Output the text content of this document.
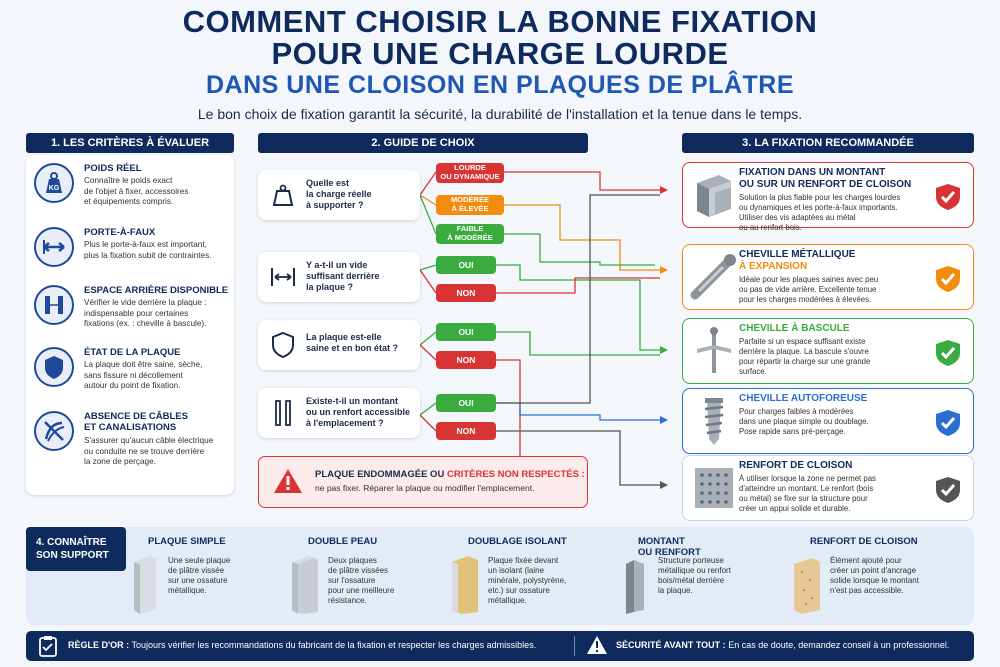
COMMENT CHOISIR LA BONNE FIXATION
POUR UNE CHARGE LOURDE
DANS UNE CLOISON EN PLAQUES DE PLÂTRE
Le bon choix de fixation garantit la sécurité, la durabilité de l'installation et la tenue dans le temps.
1. LES CRITÈRES À ÉVALUER	2. GUIDE DE CHOIX	3. LA FIXATION RECOMMANDÉE
KG
POIDS RÉEL
Connaître le poids exact
de l'objet à fixer, accessoires
et équipements compris.
PORTE-À-FAUX
Plus le porte-à-faux est important,
plus la fixation subit de contraintes.
ESPACE ARRIÈRE DISPONIBLE
Vérifier le vide derrière la plaque :
indispensable pour certaines
fixations (ex. : cheville à bascule).
ÉTAT DE LA PLAQUE
La plaque doit être saine, sèche,
sans fissure ni décollement
autour du point de fixation.
ABSENCE DE CÂBLES
ET CANALISATIONS
S'assurer qu'aucun câble électrique
ou conduite ne se trouve derrière
la zone de perçage.
Quelle est
la charge réelle
à supporter ?
LOURDE
OU DYNAMIQUE
MODÉRÉE
À ÉLEVÉE
FAIBLE
À MODÉRÉE
Y a-t-il un vide
suffisant derrière
la plaque ?
OUI
NON
La plaque est-elle
saine et en bon état ?
OUI
NON
Existe-t-il un montant
ou un renfort accessible
à l'emplacement ?
OUI
NON
PLAQUE ENDOMMAGÉE OU CRITÈRES NON RESPECTÉS :
ne pas fixer. Réparer la plaque ou modifier l'emplacement.
FIXATION DANS UN MONTANT
OU SUR UN RENFORT DE CLOISON
Solution la plus fiable pour les charges lourdes
ou dynamiques et les porte-à-faux importants.
Utiliser des vis adaptées au métal
ou au renfort bois.
CHEVILLE MÉTALLIQUE
À EXPANSION
Idéale pour les plaques saines avec peu
ou pas de vide arrière. Excellente tenue
pour les charges modérées à élevées.
CHEVILLE À BASCULE
Parfaite si un espace suffisant existe
derrière la plaque. La bascule s'ouvre
pour répartir la charge sur une grande
surface.
CHEVILLE AUTOFOREUSE
Pour charges faibles à modérées
dans une plaque simple ou doublage.
Pose rapide sans pré-perçage.
RENFORT DE CLOISON
À utiliser lorsque la zone ne permet pas
d'atteindre un montant. Le renfort (bois
ou métal) se fixe sur la structure pour
créer un appui solide et durable.
4. CONNAÎTRE
SON SUPPORT
PLAQUE SIMPLE
Une seule plaque
de plâtre vissée
sur une ossature
métallique.
DOUBLE PEAU
Deux plaques
de plâtre vissées
sur l'ossature
pour une meilleure
résistance.
DOUBLAGE ISOLANT
Plaque fixée devant
un isolant (laine
minérale, polystyrène,
etc.) sur ossature
métallique.
MONTANT
OU RENFORT
Structure porteuse
métallique ou renfort
bois/métal derrière
la plaque.
RENFORT DE CLOISON
Élément ajouté pour
créer un point d'ancrage
solide lorsque le montant
n'est pas accessible.
RÈGLE D'OR : Toujours vérifier les recommandations du fabricant de la fixation et respecter les charges admissibles.	SÉCURITÉ AVANT TOUT : En cas de doute, demandez conseil à un professionnel.
